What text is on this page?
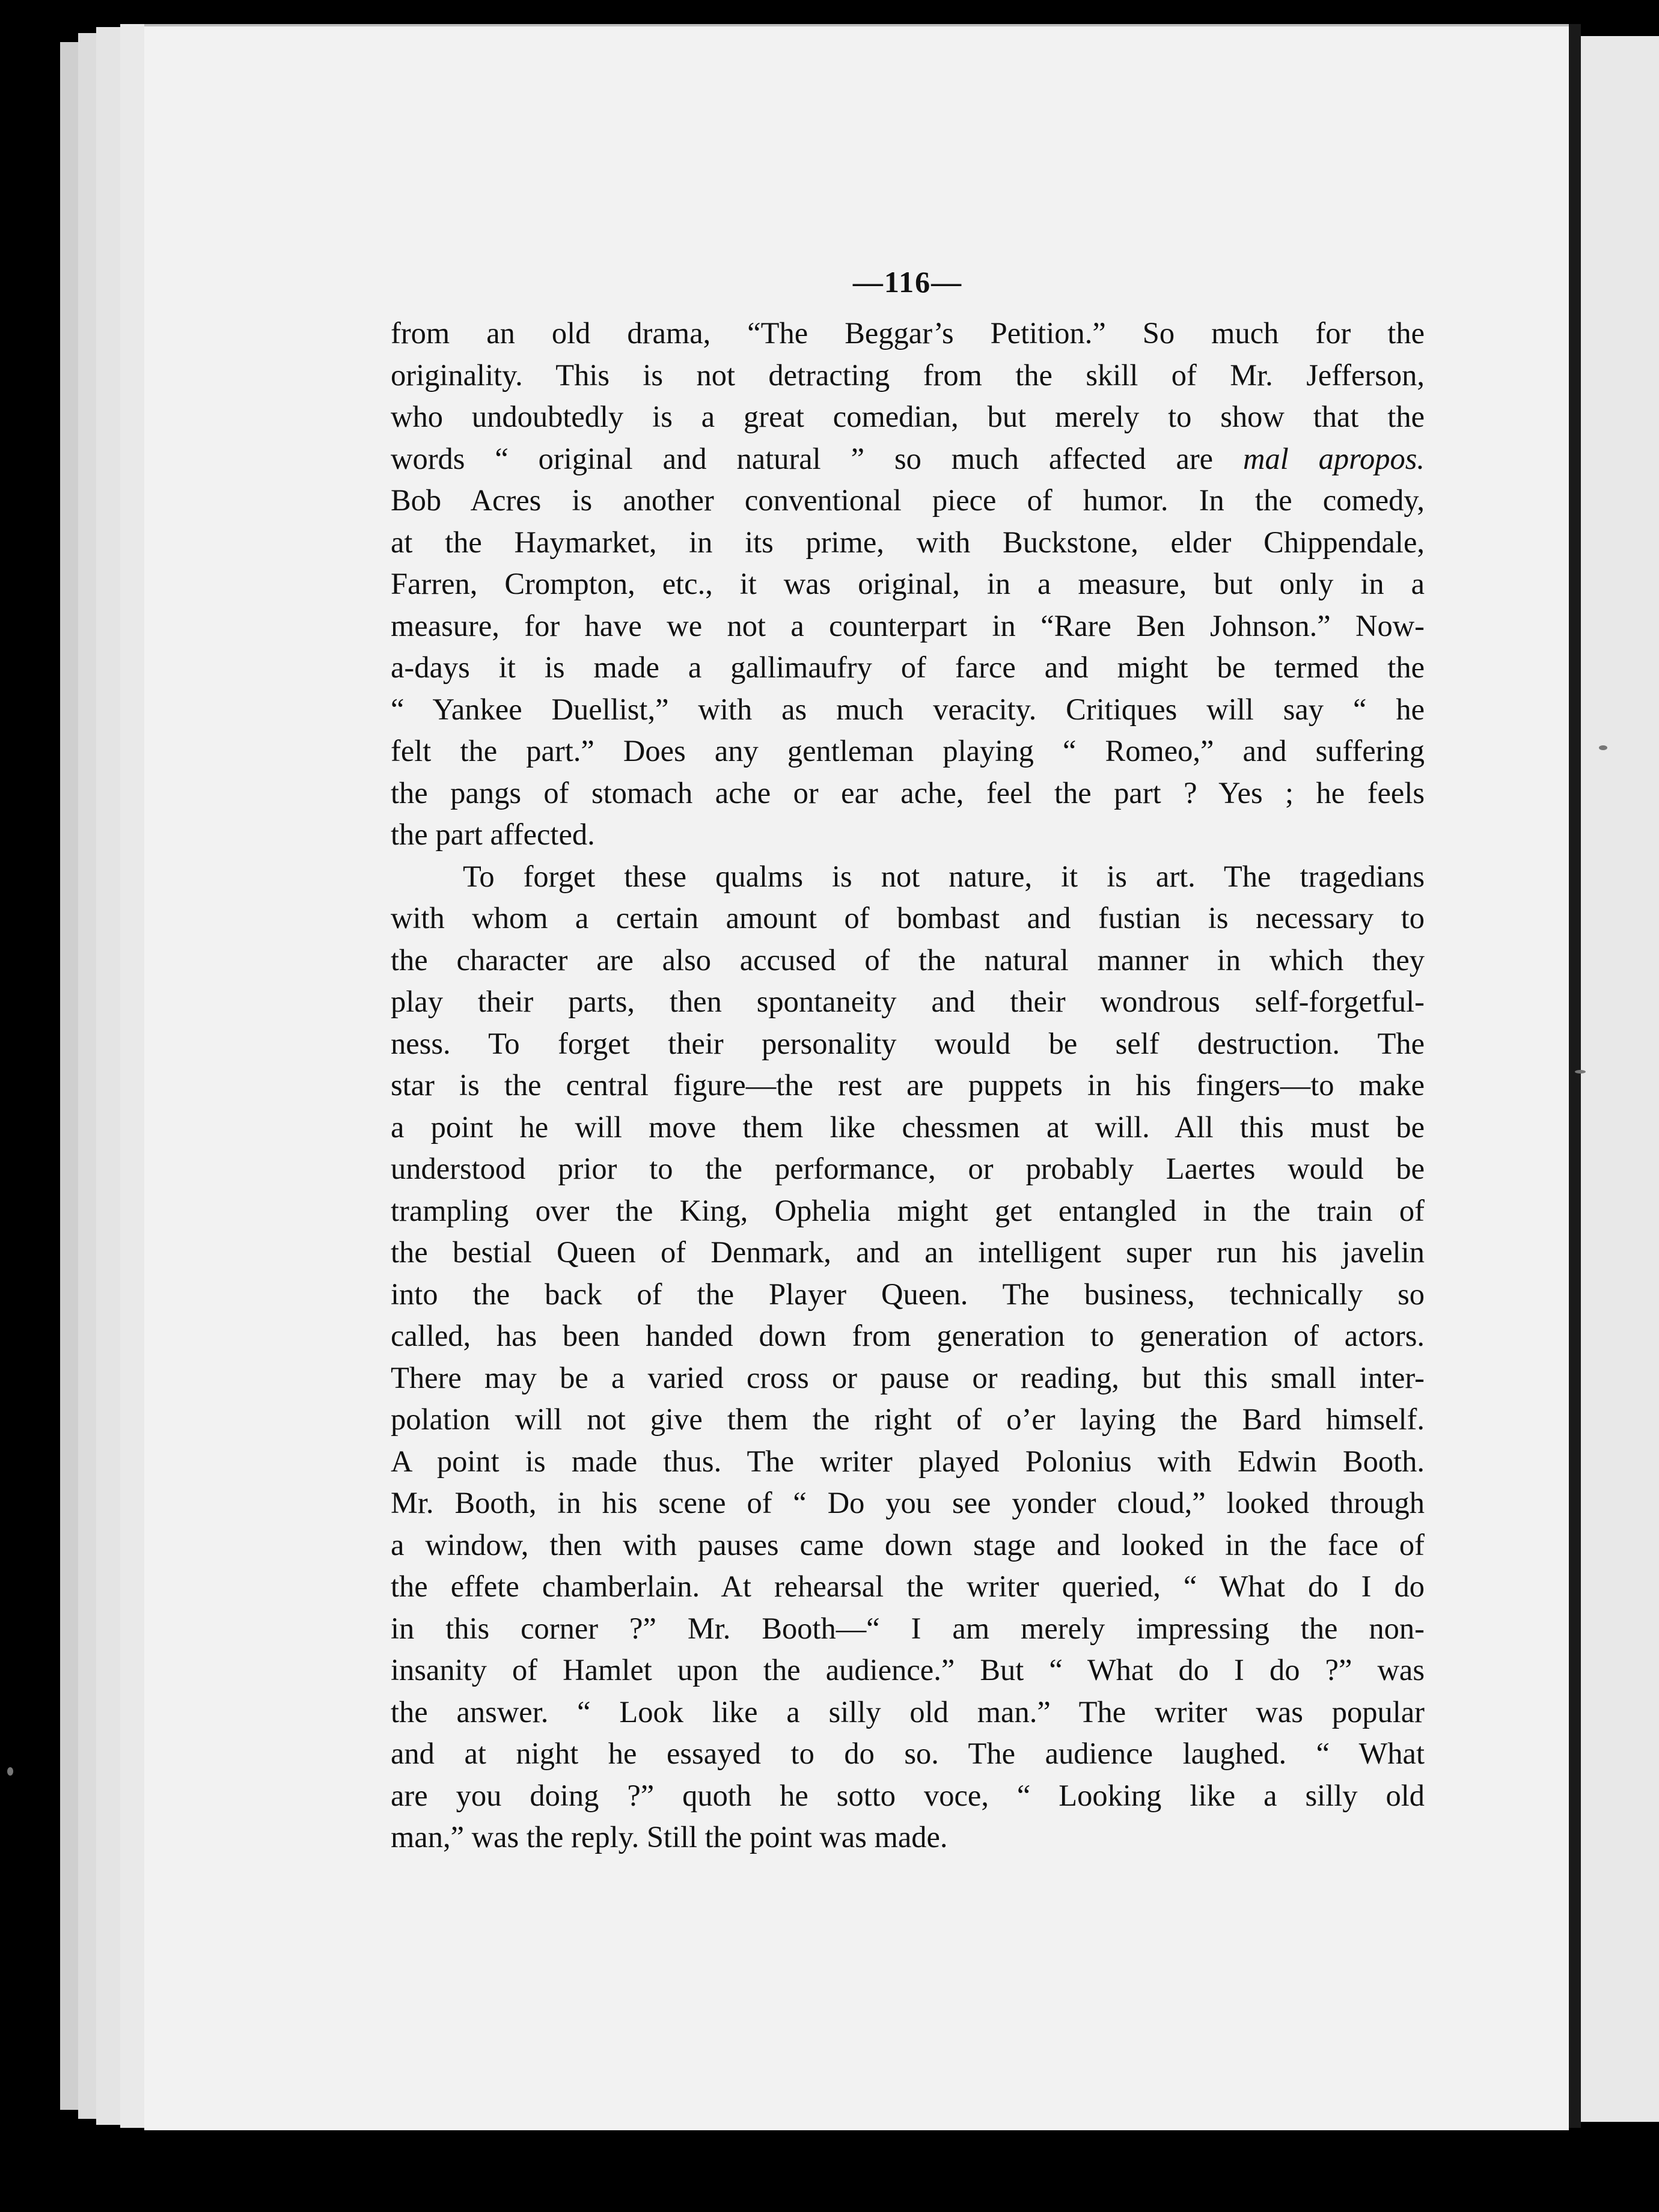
—116—
from an old drama, “The Beggar’s Petition.” So much for the
originality. This is not detracting from the skill of Mr. Jefferson,
who undoubtedly is a great comedian, but merely to show that the
words “ original and natural ” so much affected are mal apropos.
Bob Acres is another conventional piece of humor. In the comedy,
at the Haymarket, in its prime, with Buckstone, elder Chippendale,
Farren, Crompton, etc., it was original, in a measure, but only in a
measure, for have we not a counterpart in “Rare Ben Johnson.” Now-
a-days it is made a gallimaufry of farce and might be termed the
“ Yankee Duellist,” with as much veracity. Critiques will say “ he
felt the part.” Does any gentleman playing “ Romeo,” and suffering
the pangs of stomach ache or ear ache, feel the part ? Yes ; he feels
the part affected.
To forget these qualms is not nature, it is art. The tragedians
with whom a certain amount of bombast and fustian is necessary to
the character are also accused of the natural manner in which they
play their parts, then spontaneity and their wondrous self-forgetful-
ness. To forget their personality would be self destruction. The
star is the central figure—the rest are puppets in his fingers—to make
a point he will move them like chessmen at will. All this must be
understood prior to the performance, or probably Laertes would be
trampling over the King, Ophelia might get entangled in the train of
the bestial Queen of Denmark, and an intelligent super run his javelin
into the back of the Player Queen. The business, technically so
called, has been handed down from generation to generation of actors.
There may be a varied cross or pause or reading, but this small inter-
polation will not give them the right of o’er laying the Bard himself.
A point is made thus. The writer played Polonius with Edwin Booth.
Mr. Booth, in his scene of “ Do you see yonder cloud,” looked through
a window, then with pauses came down stage and looked in the face of
the effete chamberlain. At rehearsal the writer queried, “ What do I do
in this corner ?” Mr. Booth—“ I am merely impressing the non-
insanity of Hamlet upon the audience.” But “ What do I do ?” was
the answer. “ Look like a silly old man.” The writer was popular
and at night he essayed to do so. The audience laughed. “ What
are you doing ?” quoth he sotto voce, “ Looking like a silly old
man,” was the reply. Still the point was made.
